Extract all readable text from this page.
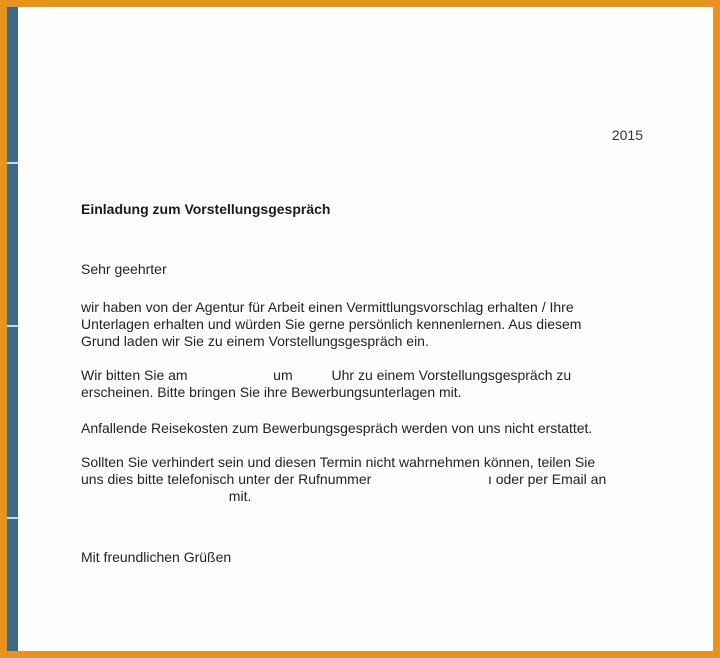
2015
Einladung zum Vorstellungsgespräch
Sehr geehrter
wir haben von der Agentur für Arbeit einen Vermittlungsvorschlag erhalten / Ihre
Unterlagen erhalten und würden Sie gerne persönlich kennenlernen. Aus diesem
Grund laden wir Sie zu einem Vorstellungsgespräch ein.
Wir bitten Sie am                      um          Uhr zu einem Vorstellungsgespräch zu
erscheinen. Bitte bringen Sie ihre Bewerbungsunterlagen mit.
Anfallende Reisekosten zum Bewerbungsgespräch werden von uns nicht erstattet.
Sollten Sie verhindert sein und diesen Termin nicht wahrnehmen können, teilen Sie
uns dies bitte telefonisch unter der Rufnummer                              ı oder per Email an
mit.
Mit freundlichen Grüßen
